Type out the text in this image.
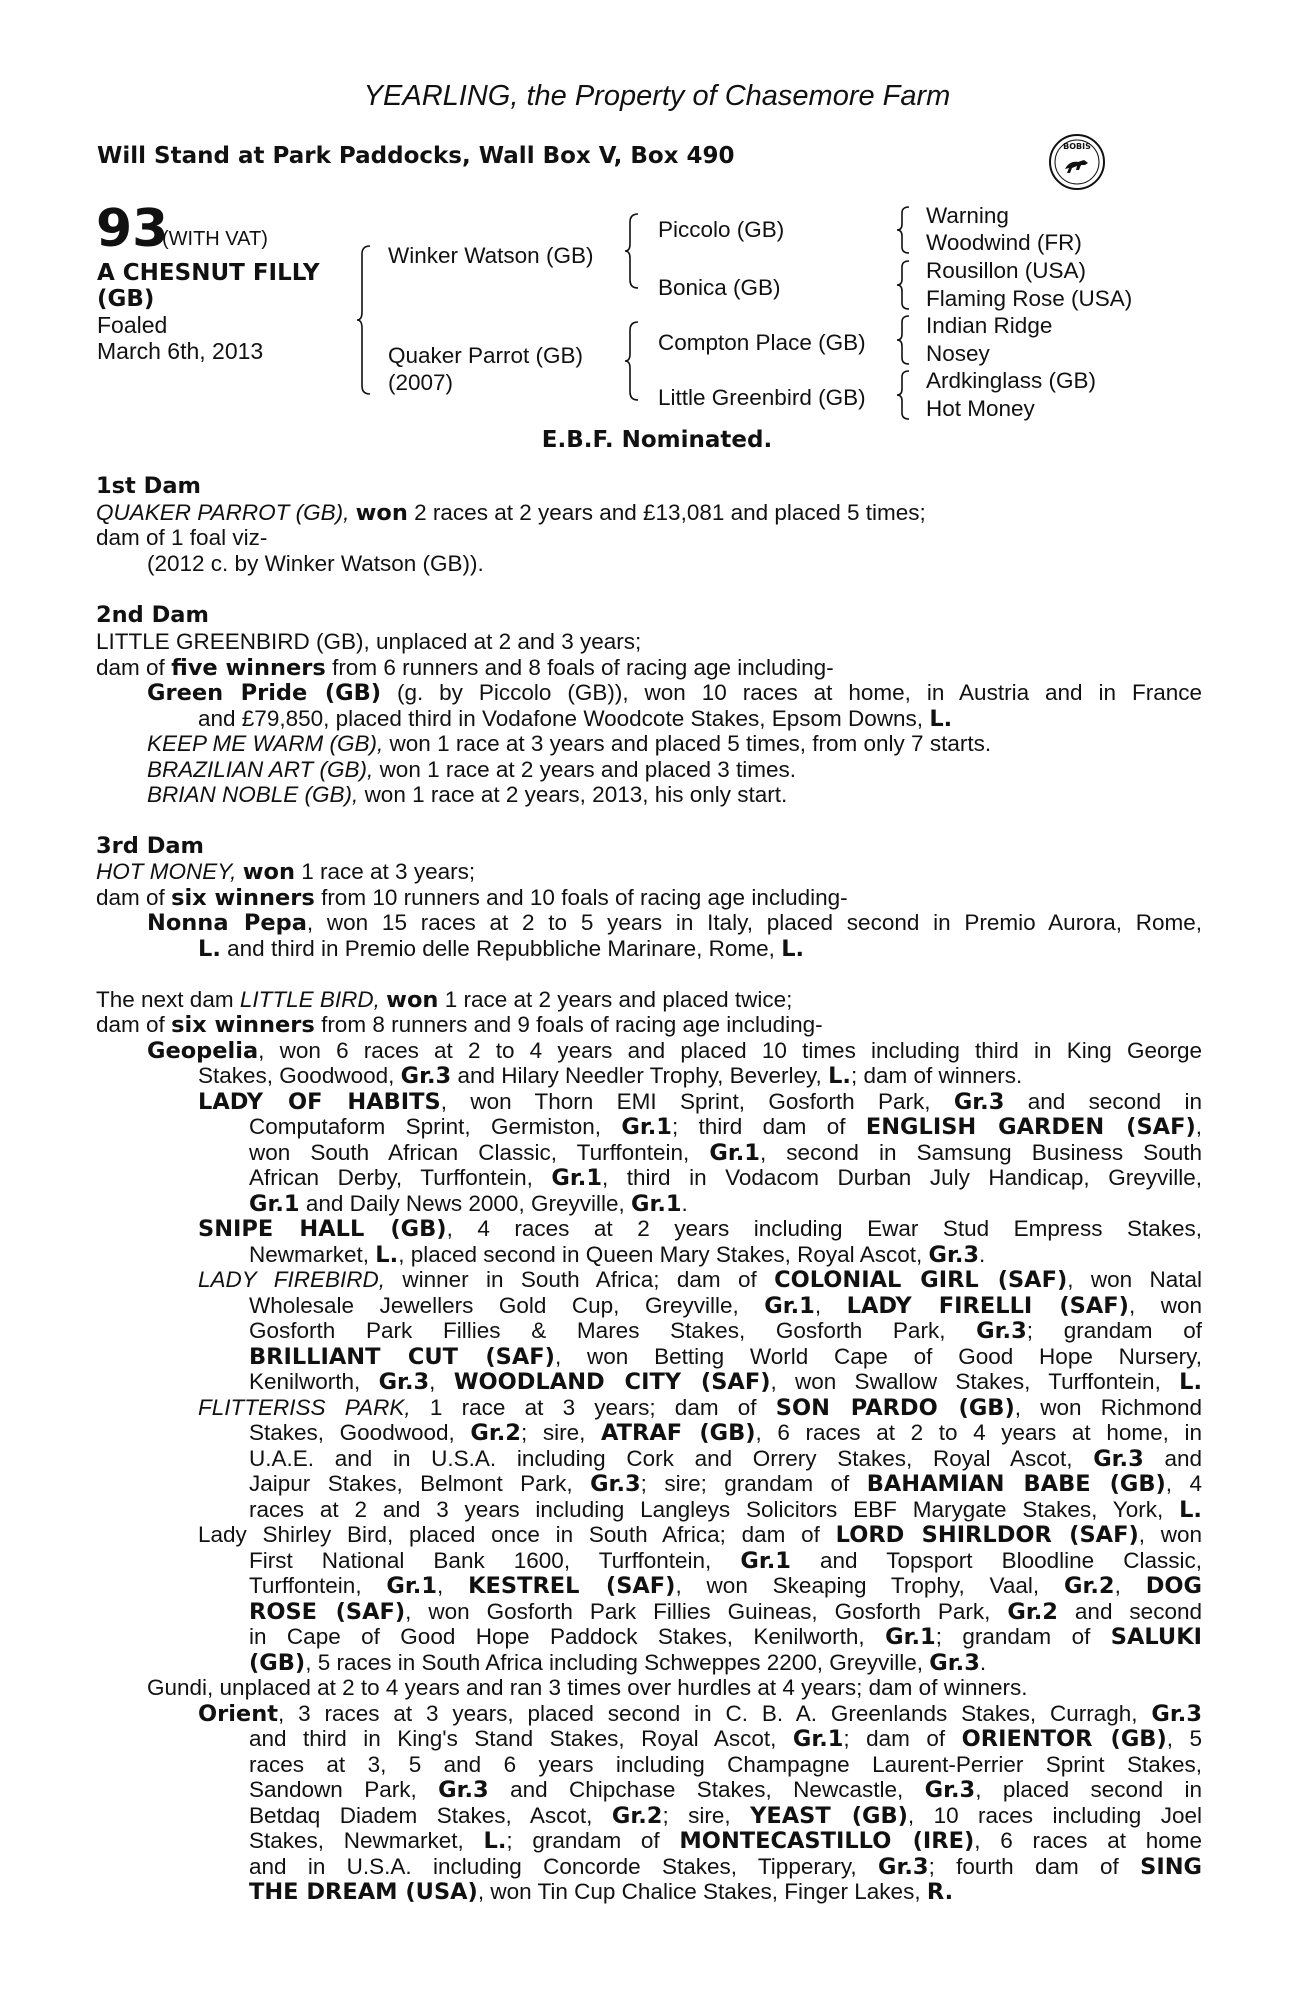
YEARLING, the Property of Chasemore Farm
Will Stand at Park Paddocks, Wall Box V, Box 490	BOBIS
93
(WITH VAT)
A CHESNUT FILLY
(GB)
Foaled
March 6th, 2013
Winker Watson (GB)
Quaker Parrot (GB)
(2007)
Piccolo (GB)
Bonica (GB)
Compton Place (GB)
Little Greenbird (GB)
Warning
Woodwind (FR)
Rousillon (USA)
Flaming Rose (USA)
Indian Ridge
Nosey
Ardkinglass (GB)
Hot Money
E.B.F. Nominated.
1st Dam
QUAKER PARROT (GB), won 2 races at 2 years and £13,081 and placed 5 times;
dam of 1 foal viz-
(2012 c. by Winker Watson (GB)).
2nd Dam
LITTLE GREENBIRD (GB), unplaced at 2 and 3 years;
dam of five winners from 6 runners and 8 foals of racing age including-
Green Pride (GB) (g. by Piccolo (GB)), won 10 races at home, in Austria and in France
and £79,850, placed third in Vodafone Woodcote Stakes, Epsom Downs, L.
KEEP ME WARM (GB), won 1 race at 3 years and placed 5 times, from only 7 starts.
BRAZILIAN ART (GB), won 1 race at 2 years and placed 3 times.
BRIAN NOBLE (GB), won 1 race at 2 years, 2013, his only start.
3rd Dam
HOT MONEY, won 1 race at 3 years;
dam of six winners from 10 runners and 10 foals of racing age including-
Nonna Pepa, won 15 races at 2 to 5 years in Italy, placed second in Premio Aurora, Rome,
L. and third in Premio delle Repubbliche Marinare, Rome, L.
The next dam LITTLE BIRD, won 1 race at 2 years and placed twice;
dam of six winners from 8 runners and 9 foals of racing age including-
Geopelia, won 6 races at 2 to 4 years and placed 10 times including third in King George
Stakes, Goodwood, Gr.3 and Hilary Needler Trophy, Beverley, L.; dam of winners.
LADY OF HABITS, won Thorn EMI Sprint, Gosforth Park, Gr.3 and second in
Computaform Sprint, Germiston, Gr.1; third dam of ENGLISH GARDEN (SAF),
won South African Classic, Turffontein, Gr.1, second in Samsung Business South
African Derby, Turffontein, Gr.1, third in Vodacom Durban July Handicap, Greyville,
Gr.1 and Daily News 2000, Greyville, Gr.1.
SNIPE HALL (GB), 4 races at 2 years including Ewar Stud Empress Stakes,
Newmarket, L., placed second in Queen Mary Stakes, Royal Ascot, Gr.3.
LADY FIREBIRD, winner in South Africa; dam of COLONIAL GIRL (SAF), won Natal
Wholesale Jewellers Gold Cup, Greyville, Gr.1, LADY FIRELLI (SAF), won
Gosforth Park Fillies & Mares Stakes, Gosforth Park, Gr.3; grandam of
BRILLIANT CUT (SAF), won Betting World Cape of Good Hope Nursery,
Kenilworth, Gr.3, WOODLAND CITY (SAF), won Swallow Stakes, Turffontein, L.
FLITTERISS PARK, 1 race at 3 years; dam of SON PARDO (GB), won Richmond
Stakes, Goodwood, Gr.2; sire, ATRAF (GB), 6 races at 2 to 4 years at home, in
U.A.E. and in U.S.A. including Cork and Orrery Stakes, Royal Ascot, Gr.3 and
Jaipur Stakes, Belmont Park, Gr.3; sire; grandam of BAHAMIAN BABE (GB), 4
races at 2 and 3 years including Langleys Solicitors EBF Marygate Stakes, York, L.
Lady Shirley Bird, placed once in South Africa; dam of LORD SHIRLDOR (SAF), won
First National Bank 1600, Turffontein, Gr.1 and Topsport Bloodline Classic,
Turffontein, Gr.1, KESTREL (SAF), won Skeaping Trophy, Vaal, Gr.2, DOG
ROSE (SAF), won Gosforth Park Fillies Guineas, Gosforth Park, Gr.2 and second
in Cape of Good Hope Paddock Stakes, Kenilworth, Gr.1; grandam of SALUKI
(GB), 5 races in South Africa including Schweppes 2200, Greyville, Gr.3.
Gundi, unplaced at 2 to 4 years and ran 3 times over hurdles at 4 years; dam of winners.
Orient, 3 races at 3 years, placed second in C. B. A. Greenlands Stakes, Curragh, Gr.3
and third in King's Stand Stakes, Royal Ascot, Gr.1; dam of ORIENTOR (GB), 5
races at 3, 5 and 6 years including Champagne Laurent-Perrier Sprint Stakes,
Sandown Park, Gr.3 and Chipchase Stakes, Newcastle, Gr.3, placed second in
Betdaq Diadem Stakes, Ascot, Gr.2; sire, YEAST (GB), 10 races including Joel
Stakes, Newmarket, L.; grandam of MONTECASTILLO (IRE), 6 races at home
and in U.S.A. including Concorde Stakes, Tipperary, Gr.3; fourth dam of SING
THE DREAM (USA), won Tin Cup Chalice Stakes, Finger Lakes, R.
